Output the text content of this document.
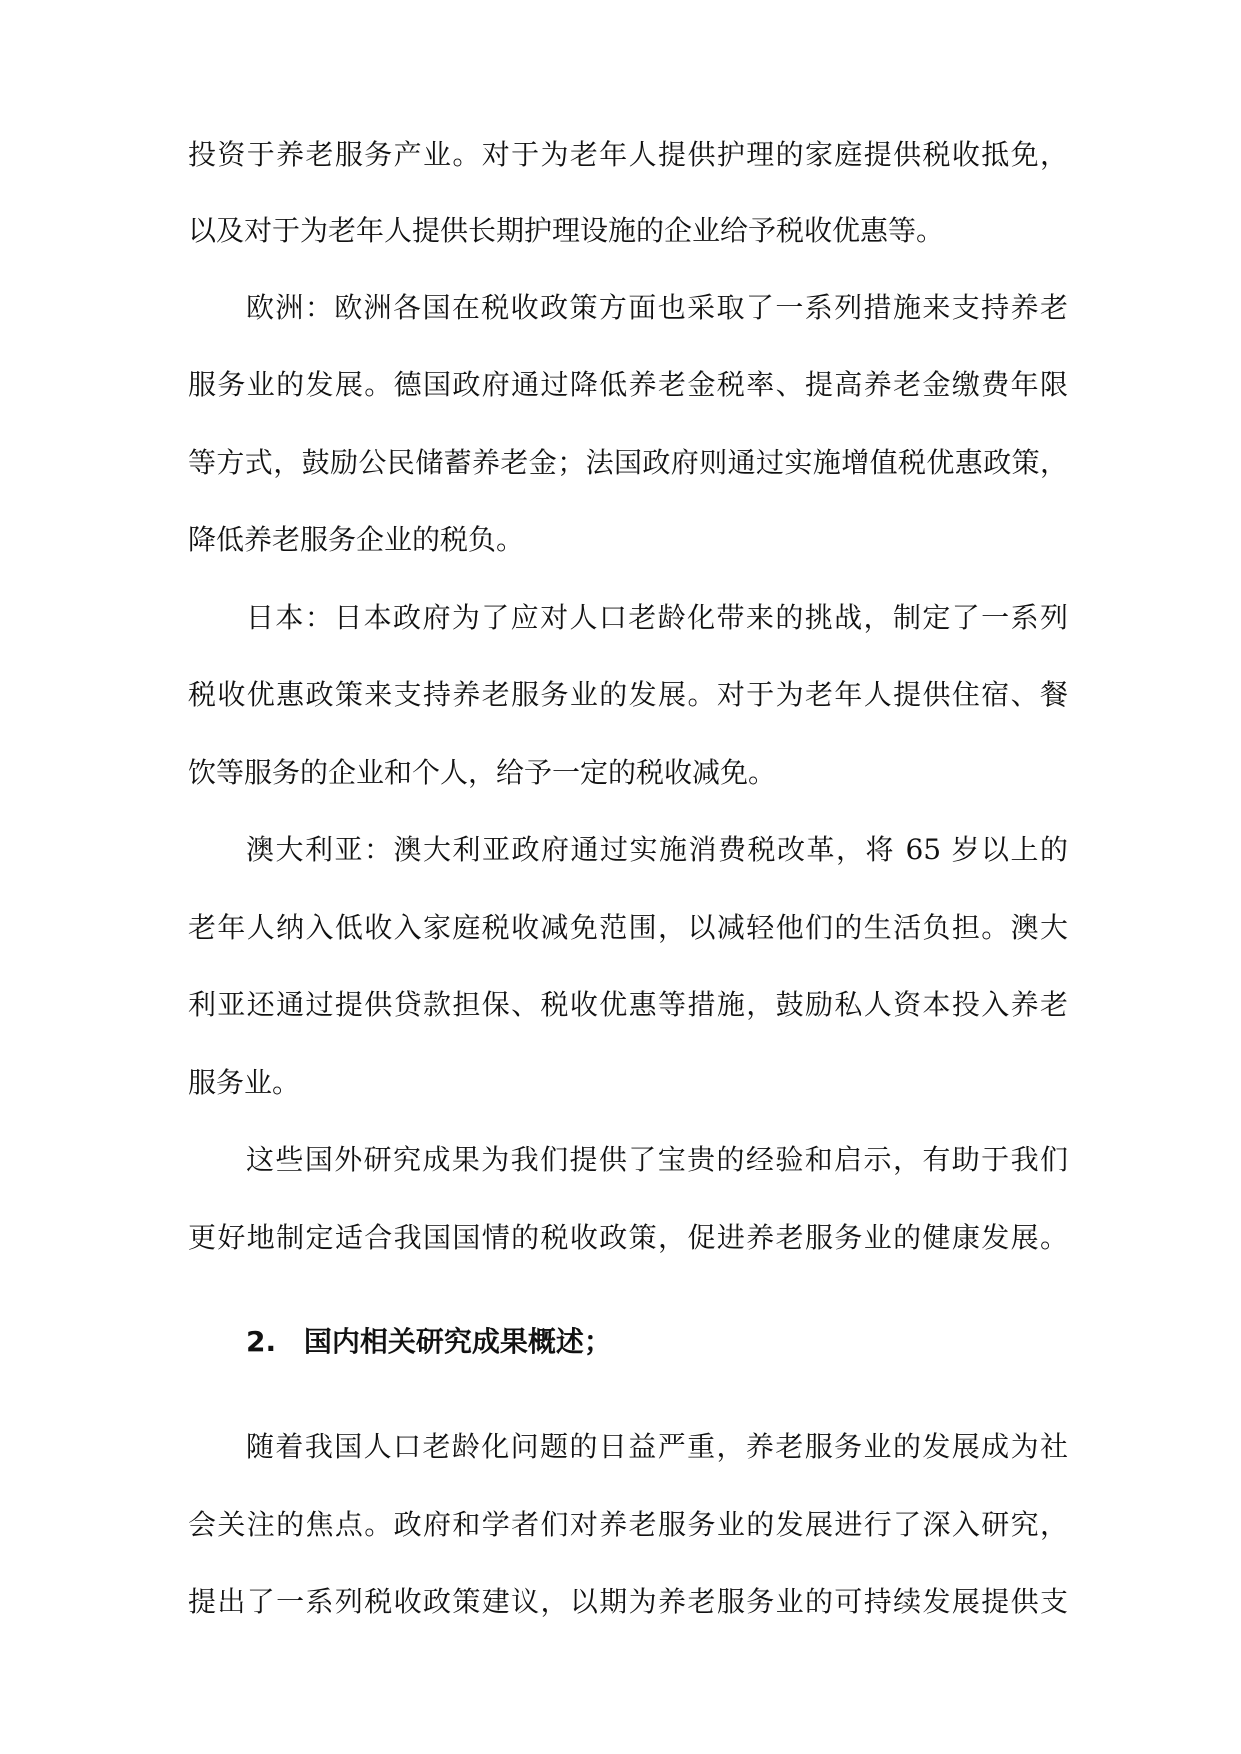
投资于养老服务产业。对于为老年人提供护理的家庭提供税收抵免，
以及对于为老年人提供长期护理设施的企业给予税收优惠等。
欧洲：欧洲各国在税收政策方面也采取了一系列措施来支持养老
服务业的发展。德国政府通过降低养老金税率、提高养老金缴费年限
等方式，鼓励公民储蓄养老金；法国政府则通过实施增值税优惠政策，
降低养老服务企业的税负。
日本：日本政府为了应对人口老龄化带来的挑战，制定了一系列
税收优惠政策来支持养老服务业的发展。对于为老年人提供住宿、餐
饮等服务的企业和个人，给予一定的税收减免。
澳大利亚：澳大利亚政府通过实施消费税改革，将 65 岁以上的
老年人纳入低收入家庭税收减免范围，以减轻他们的生活负担。澳大
利亚还通过提供贷款担保、税收优惠等措施，鼓励私人资本投入养老
服务业。
这些国外研究成果为我们提供了宝贵的经验和启示，有助于我们
更好地制定适合我国国情的税收政策，促进养老服务业的健康发展。
2. 国内相关研究成果概述；
随着我国人口老龄化问题的日益严重，养老服务业的发展成为社
会关注的焦点。政府和学者们对养老服务业的发展进行了深入研究，
提出了一系列税收政策建议，以期为养老服务业的可持续发展提供支
